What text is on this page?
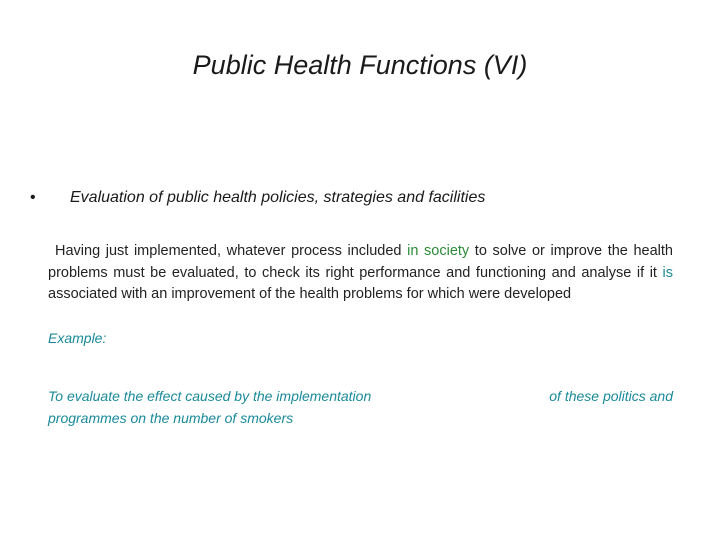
Public Health Functions (VI)
•	Evaluation of public health policies, strategies and facilities
Having just implemented, whatever process included in society to solve or improve the health problems must be evaluated, to check its right performance and functioning and analyse if it is associated with an improvement of the health problems for which were developed
Example:
To evaluate the effect caused by the implementation	of these politics and
programmes on the number of smokers
